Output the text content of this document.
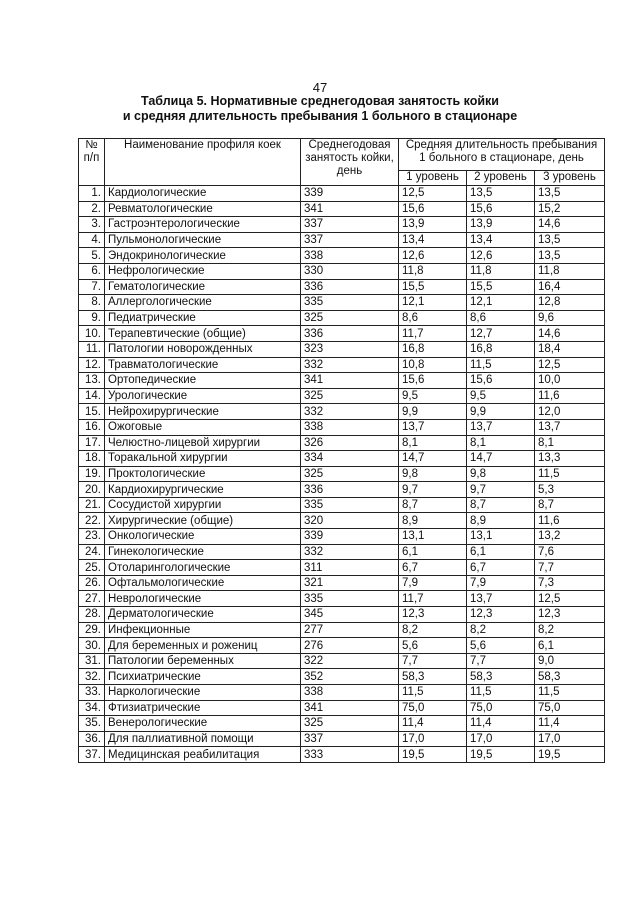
47
Таблица 5. Нормативные среднегодовая занятость койки
и средняя длительность пребывания 1 больного в стационаре
№ п/п	Наименование профиля коек	Среднегодовая занятость койки, день	Средняя длительность пребывания 1 больного в стационаре, день		
			1 уровень	2 уровень	3 уровень
1.	Кардиологические	339	12,5	13,5	13,5
2.	Ревматологические	341	15,6	15,6	15,2
3.	Гастроэнтерологические	337	13,9	13,9	14,6
4.	Пульмонологические	337	13,4	13,4	13,5
5.	Эндокринологические	338	12,6	12,6	13,5
6.	Нефрологические	330	11,8	11,8	11,8
7.	Гематологические	336	15,5	15,5	16,4
8.	Аллергологические	335	12,1	12,1	12,8
9.	Педиатрические	325	8,6	8,6	9,6
10.	Терапевтические (общие)	336	11,7	12,7	14,6
11.	Патологии новорожденных	323	16,8	16,8	18,4
12.	Травматологические	332	10,8	11,5	12,5
13.	Ортопедические	341	15,6	15,6	10,0
14.	Урологические	325	9,5	9,5	11,6
15.	Нейрохирургические	332	9,9	9,9	12,0
16.	Ожоговые	338	13,7	13,7	13,7
17.	Челюстно-лицевой хирургии	326	8,1	8,1	8,1
18.	Торакальной хирургии	334	14,7	14,7	13,3
19.	Проктологические	325	9,8	9,8	11,5
20.	Кардиохирургические	336	9,7	9,7	5,3
21.	Сосудистой хирургии	335	8,7	8,7	8,7
22.	Хирургические (общие)	320	8,9	8,9	11,6
23.	Онкологические	339	13,1	13,1	13,2
24.	Гинекологические	332	6,1	6,1	7,6
25.	Отоларингологические	311	6,7	6,7	7,7
26.	Офтальмологические	321	7,9	7,9	7,3
27.	Неврологические	335	11,7	13,7	12,5
28.	Дерматологические	345	12,3	12,3	12,3
29.	Инфекционные	277	8,2	8,2	8,2
30.	Для беременных и рожениц	276	5,6	5,6	6,1
31.	Патологии беременных	322	7,7	7,7	9,0
32.	Психиатрические	352	58,3	58,3	58,3
33.	Наркологические	338	11,5	11,5	11,5
34.	Фтизиатрические	341	75,0	75,0	75,0
35.	Венерологические	325	11,4	11,4	11,4
36.	Для паллиативной помощи	337	17,0	17,0	17,0
37.	Медицинская реабилитация	333	19,5	19,5	19,5
